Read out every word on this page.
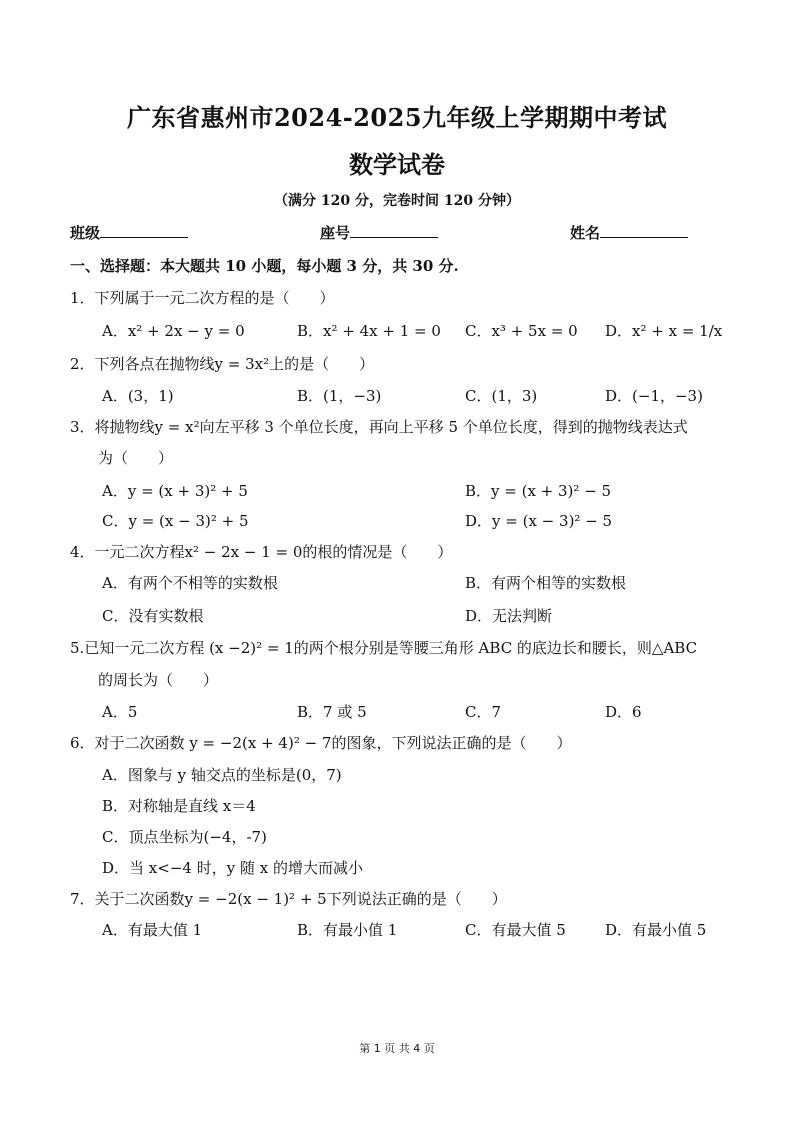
广东省惠州市2024-2025九年级上学期期中考试
数学试卷
（满分 120 分，完卷时间 120 分钟）
班级	座号	姓名
一、选择题：本大题共 10 小题，每小题 3 分，共 30 分.
1．下列属于一元二次方程的是（　　）
A．x² + 2x − y = 0	B．x² + 4x + 1 = 0 C．x³ + 5x = 0 D．x² + x = 1/x
2．下列各点在抛物线y = 3x²上的是（　　）
A．(3，1)	B．(1，−3)	C．(1，3)	D．(−1，−3)
3．将抛物线y = x²向左平移 3 个单位长度，再向上平移 5 个单位长度，得到的抛物线表达式
为（　　）
A．y = (x + 3)² + 5	B．y = (x + 3)² − 5
C．y = (x − 3)² + 5	D．y = (x − 3)² − 5
4．一元二次方程x² − 2x − 1 = 0的根的情况是（　　）
A．有两个不相等的实数根	B．有两个相等的实数根
C．没有实数根	D．无法判断
5.已知一元二次方程 (x −2)² = 1的两个根分别是等腰三角形 ABC 的底边长和腰长，则△ABC
的周长为（　　）
A．5	B．7 或 5	C．7	D．6
6．对于二次函数 y = −2(x + 4)² − 7的图象，下列说法正确的是（　　）
A．图象与 y 轴交点的坐标是(0，7)
B．对称轴是直线 x＝4
C．顶点坐标为(−4，-7)
D．当 x<−4 时，y 随 x 的增大而减小
7．关于二次函数y = −2(x − 1)² + 5下列说法正确的是（　　）
A．有最大值 1	B．有最小值 1	C．有最大值 5	D．有最小值 5
第 1 页 共 4 页
